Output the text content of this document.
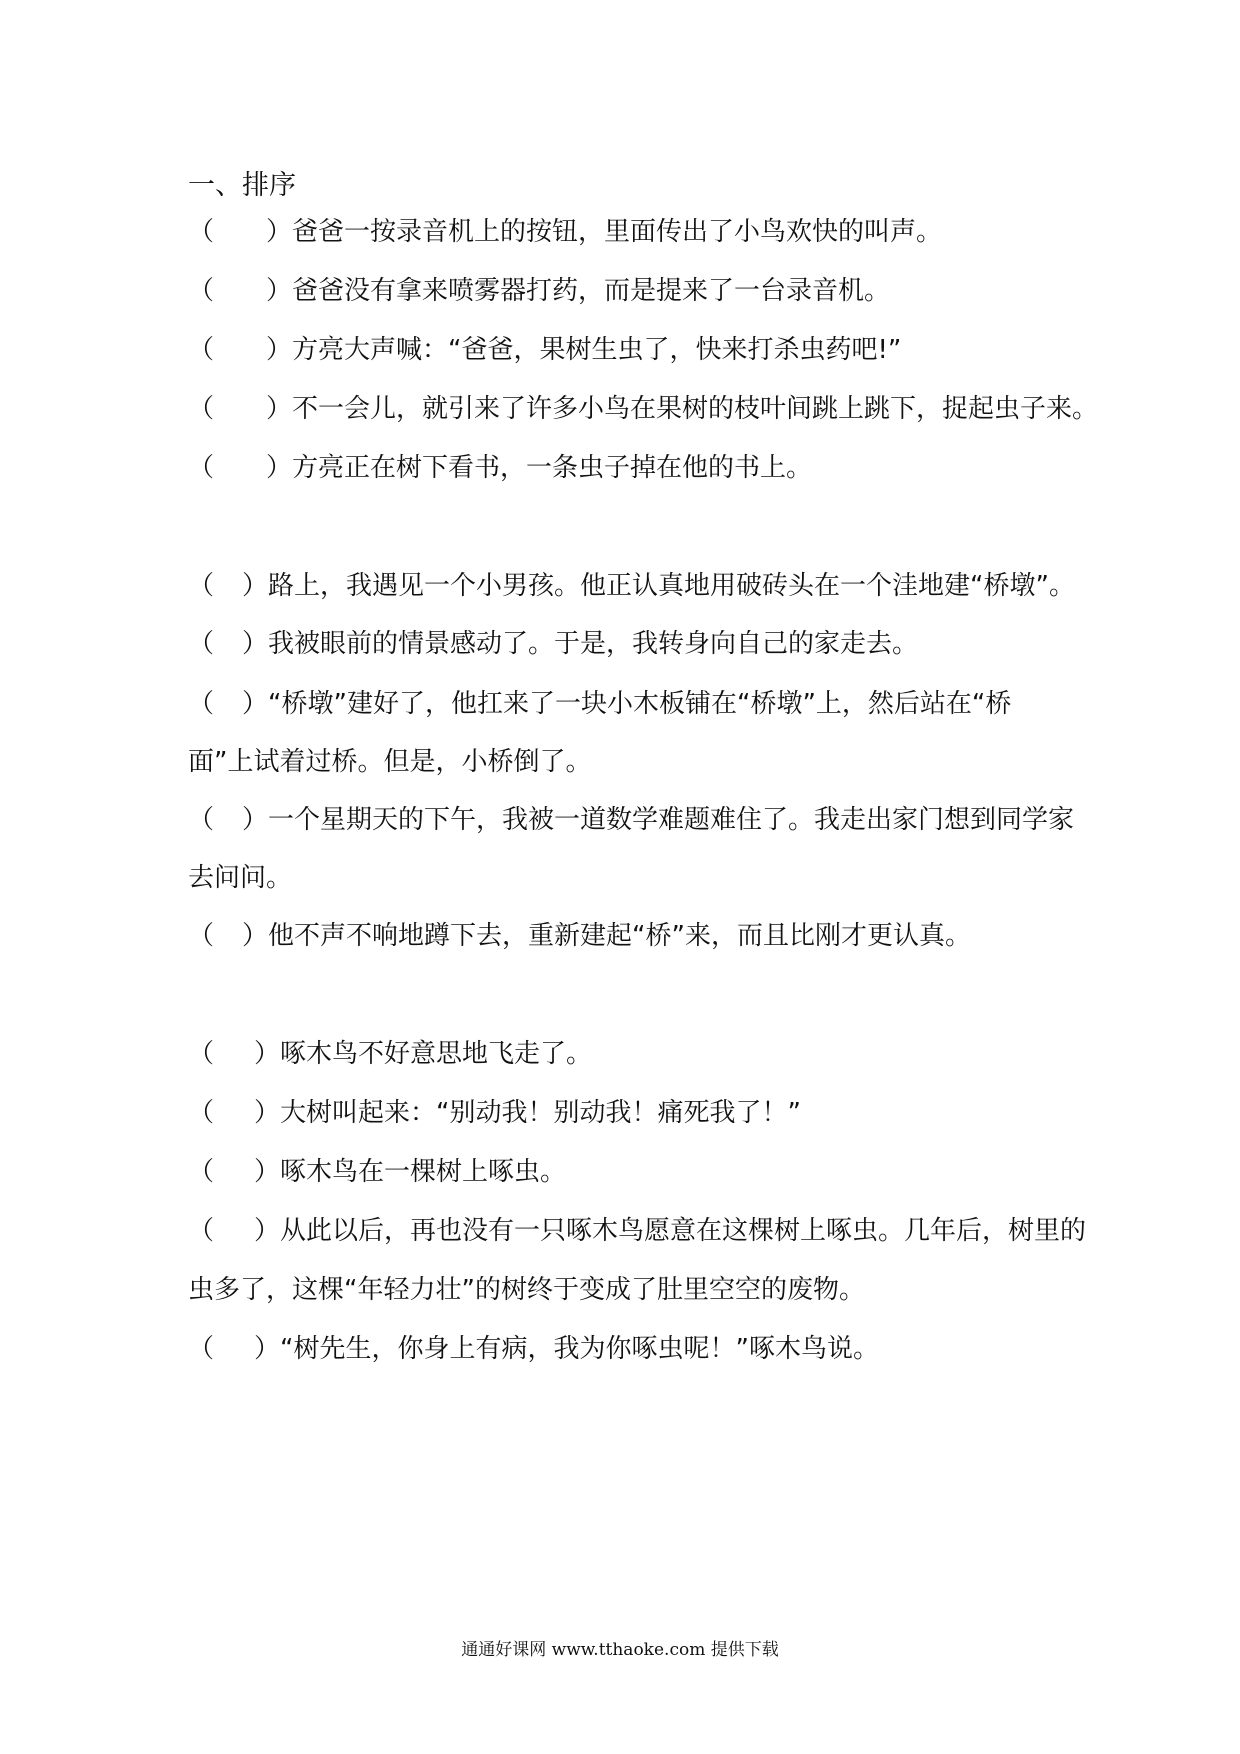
一、排序
（ ）爸爸一按录音机上的按钮，里面传出了小鸟欢快的叫声。
（ ）爸爸没有拿来喷雾器打药，而是提来了一台录音机。
（ ）方亮大声喊：“爸爸，果树生虫了，快来打杀虫药吧!”
（ ）不一会儿，就引来了许多小鸟在果树的枝叶间跳上跳下，捉起虫子来。
（ ）方亮正在树下看书，一条虫子掉在他的书上。
（ ）路上，我遇见一个小男孩。他正认真地用破砖头在一个洼地建“桥墩”。
（ ）我被眼前的情景感动了。于是，我转身向自己的家走去。
（ ）“桥墩”建好了，他扛来了一块小木板铺在“桥墩”上，然后站在“桥
面”上试着过桥。但是，小桥倒了。
（ ）一个星期天的下午，我被一道数学难题难住了。我走出家门想到同学家
去问问。
（ ）他不声不响地蹲下去，重新建起“桥”来，而且比刚才更认真。
（ ）啄木鸟不好意思地飞走了。
（ ）大树叫起来：“别动我！别动我！痛死我了！”
（ ）啄木鸟在一棵树上啄虫。
（ ）从此以后，再也没有一只啄木鸟愿意在这棵树上啄虫。几年后，树里的
虫多了，这棵“年轻力壮”的树终于变成了肚里空空的废物。
（ ）“树先生，你身上有病，我为你啄虫呢！”啄木鸟说。
通通好课网 www.tthaoke.com 提供下载
